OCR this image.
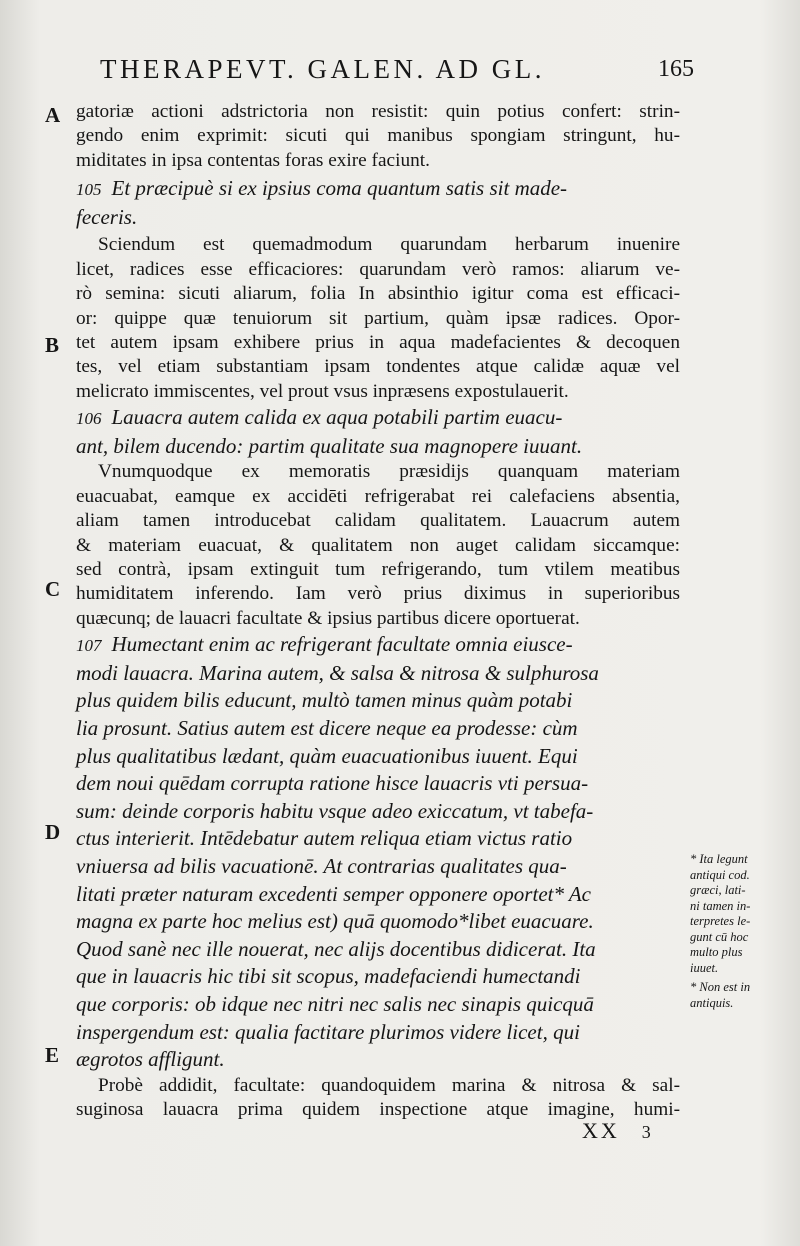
THERAPEVT. GALEN. AD GL.	165
A
B
C
D
E
gatoriæ actioni adstrictoria non resistit: quin potius confert: strin-
gendo enim exprimit: sicuti qui manibus spongiam stringunt, hu-
miditates in ipsa contentas foras exire faciunt.
105 Et præcipuè si ex ipsius coma quantum satis sit made-
feceris.
Sciendum est quemadmodum quarundam herbarum inuenire
licet, radices esse efficaciores: quarundam verò ramos: aliarum ve-
rò semina: sicuti aliarum, folia In absinthio igitur coma est efficaci-
or: quippe quæ tenuiorum sit partium, quàm ipsæ radices. Opor-
tet autem ipsam exhibere prius in aqua madefacientes & decoquen
tes, vel etiam substantiam ipsam tondentes atque calidæ aquæ vel
melicrato immiscentes, vel prout vsus inpræsens expostulauerit.
106 Lauacra autem calida ex aqua potabili partim euacu-
ant, bilem ducendo: partim qualitate sua magnopere iuuant.
Vnumquodque ex memoratis præsidijs quanquam materiam
euacuabat, eamque ex accidēti refrigerabat rei calefaciens absentia,
aliam tamen introducebat calidam qualitatem. Lauacrum autem
& materiam euacuat, & qualitatem non auget calidam siccamque:
sed contrà, ipsam extinguit tum refrigerando, tum vtilem meatibus
humiditatem inferendo. Iam verò prius diximus in superioribus
quæcunq; de lauacri facultate & ipsius partibus dicere oportuerat.
107 Humectant enim ac refrigerant facultate omnia eiusce-
modi lauacra. Marina autem, & salsa & nitrosa & sulphurosa
plus quidem bilis educunt, multò tamen minus quàm potabi
lia prosunt. Satius autem est dicere neque ea prodesse: cùm
plus qualitatibus lædant, quàm euacuationibus iuuent. Equi
dem noui quēdam corrupta ratione hisce lauacris vti persua-
sum: deinde corporis habitu vsque adeo exiccatum, vt tabefa-
ctus interierit. Intēdebatur autem reliqua etiam victus ratio
vniuersa ad bilis vacuationē. At contrarias qualitates qua-
litati præter naturam excedenti semper opponere oportet* Ac
magna ex parte hoc melius est) quā quomodo*libet euacuare.
Quod sanè nec ille nouerat, nec alijs docentibus didicerat. Ita
que in lauacris hic tibi sit scopus, madefaciendi humectandi
que corporis: ob idque nec nitri nec salis nec sinapis quicquā
inspergendum est: qualia factitare plurimos videre licet, qui
ægrotos affligunt.
Probè addidit, facultate: quandoquidem marina & nitrosa & sal-
suginosa lauacra prima quidem inspectione atque imagine, humi-
* Ita legunt
antiqui cod.
græci, lati-
ni tamen in-
terpretes le-
gunt cū hoc
multo plus
iuuet.
* Non est in
antiquis.
XX 3
